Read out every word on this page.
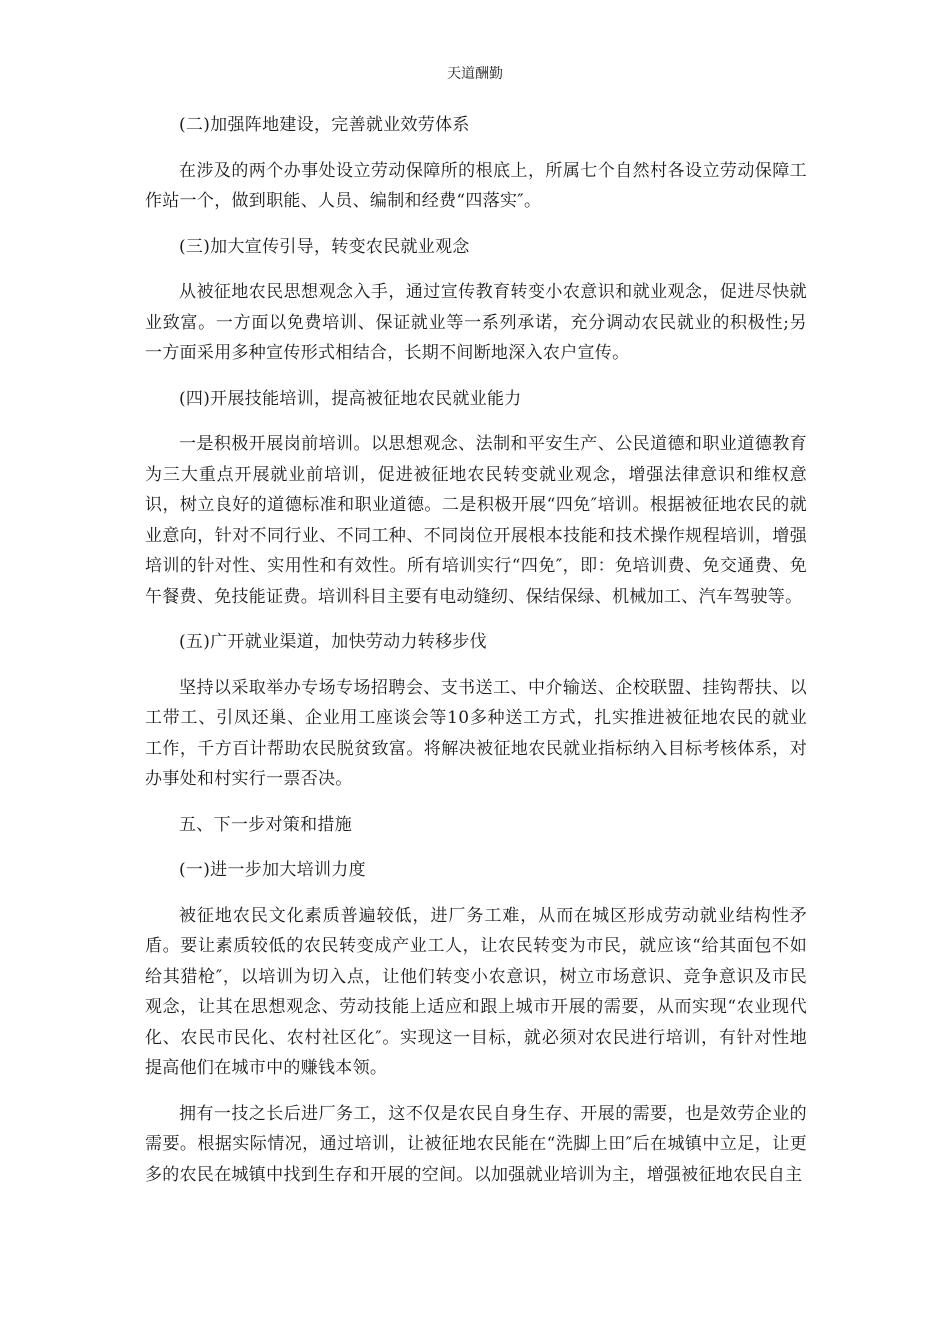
天道酬勤

(二)加强阵地建设，完善就业效劳体系

在涉及的两个办事处设立劳动保障所的根底上，所属七个自然村各设立劳动保障工作站一个，做到职能、人员、编制和经费“四落实″。

(三)加大宣传引导，转变农民就业观念

从被征地农民思想观念入手，通过宣传教育转变小农意识和就业观念，促进尽快就业致富。一方面以免费培训、保证就业等一系列承诺，充分调动农民就业的积极性;另一方面采用多种宣传形式相结合，长期不间断地深入农户宣传。

(四)开展技能培训，提高被征地农民就业能力

一是积极开展岗前培训。以思想观念、法制和平安生产、公民道德和职业道德教育为三大重点开展就业前培训，促进被征地农民转变就业观念，增强法律意识和维权意识，树立良好的道德标准和职业道德。二是积极开展“四免″培训。根据被征地农民的就业意向，针对不同行业、不同工种、不同岗位开展根本技能和技术操作规程培训，增强培训的针对性、实用性和有效性。所有培训实行“四免″，即：免培训费、免交通费、免午餐费、免技能证费。培训科目主要有电动缝纫、保结保绿、机械加工、汽车驾驶等。

(五)广开就业渠道，加快劳动力转移步伐

坚持以采取举办专场专场招聘会、支书送工、中介输送、企校联盟、挂钩帮扶、以工带工、引凤还巢、企业用工座谈会等10多种送工方式，扎实推进被征地农民的就业工作，千方百计帮助农民脱贫致富。将解决被征地农民就业指标纳入目标考核体系，对办事处和村实行一票否决。

五、下一步对策和措施

(一)进一步加大培训力度

被征地农民文化素质普遍较低，进厂务工难，从而在城区形成劳动就业结构性矛盾。要让素质较低的农民转变成产业工人，让农民转变为市民，就应该“给其面包不如给其猎枪″，以培训为切入点，让他们转变小农意识，树立市场意识、竞争意识及市民观念，让其在思想观念、劳动技能上适应和跟上城市开展的需要，从而实现“农业现代化、农民市民化、农村社区化″。实现这一目标，就必须对农民进行培训，有针对性地提高他们在城市中的赚钱本领。

拥有一技之长后进厂务工，这不仅是农民自身生存、开展的需要，也是效劳企业的需要。根据实际情况，通过培训，让被征地农民能在“洗脚上田″后在城镇中立足，让更多的农民在城镇中找到生存和开展的空间。以加强就业培训为主，增强被征地农民自主
